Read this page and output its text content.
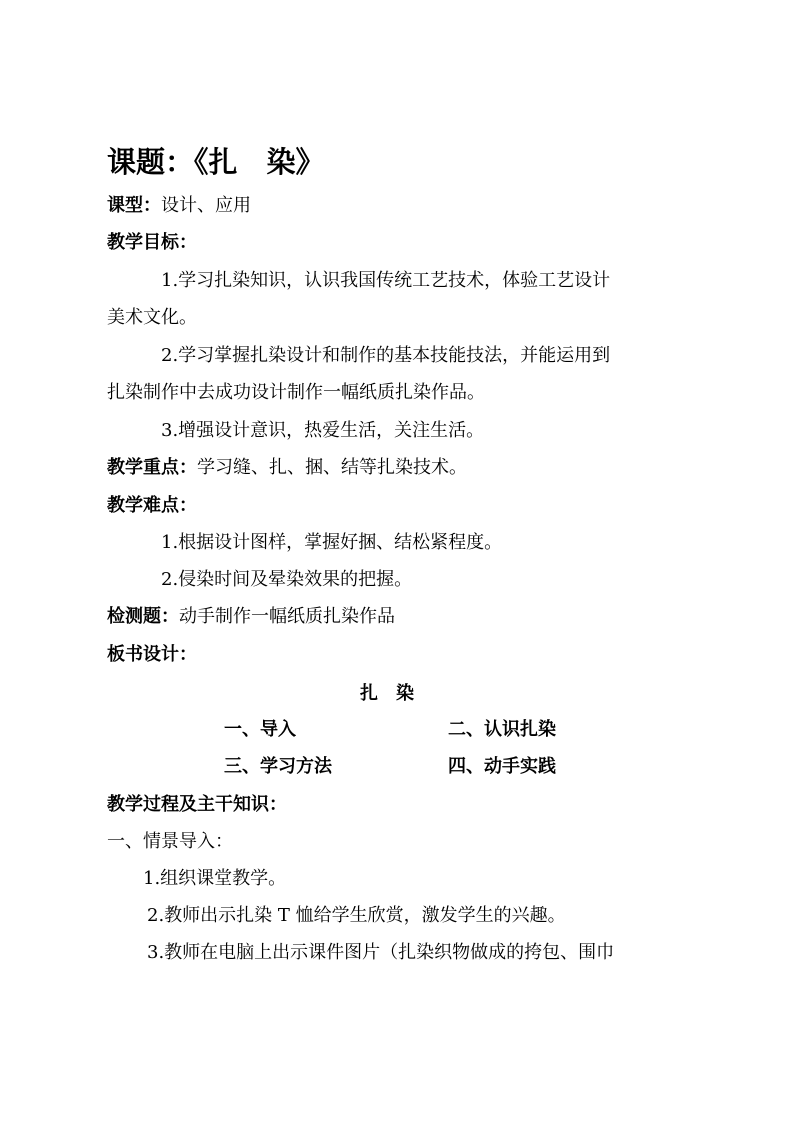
课题：《扎　染》
课型：设计、应用
教学目标：
1.学习扎染知识，认识我国传统工艺技术，体验工艺设计
美术文化。
2.学习掌握扎染设计和制作的基本技能技法，并能运用到
扎染制作中去成功设计制作一幅纸质扎染作品。
3.增强设计意识，热爱生活，关注生活。
教学重点：学习缝、扎、捆、结等扎染技术。
教学难点：
1.根据设计图样，掌握好捆、结松紧程度。
2.侵染时间及晕染效果的把握。
检测题：动手制作一幅纸质扎染作品
板书设计：
扎　染
一、导入	二、认识扎染
三、学习方法	四、动手实践
教学过程及主干知识：
一、情景导入：
1.组织课堂教学。
2.教师出示扎染 T 恤给学生欣赏，激发学生的兴趣。
3.教师在电脑上出示课件图片（扎染织物做成的挎包、围巾
